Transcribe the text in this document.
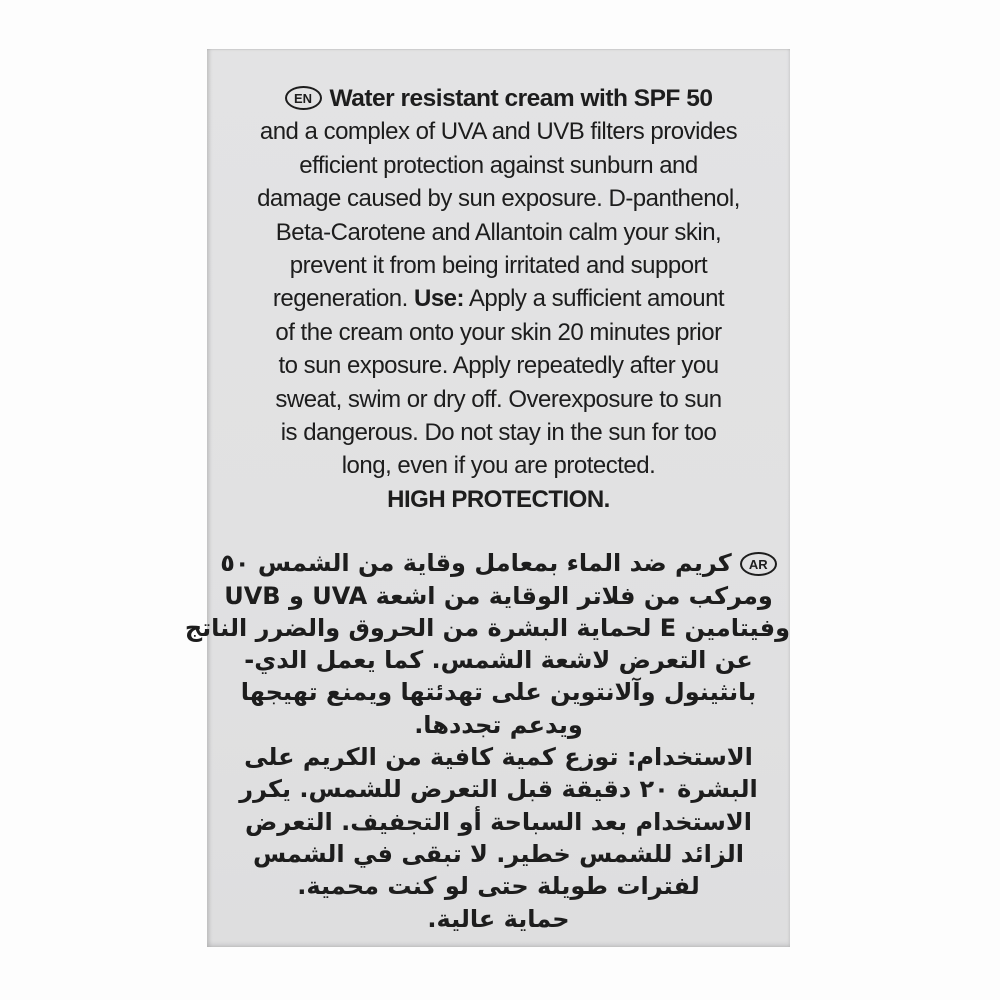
EN Water resistant cream with SPF 50
and a complex of UVA and UVB filters provides
efficient protection against sunburn and
damage caused by sun exposure. D-panthenol,
Beta-Carotene and Allantoin calm your skin,
prevent it from being irritated and support
regeneration. Use: Apply a sufficient amount
of the cream onto your skin 20 minutes prior
to sun exposure. Apply repeatedly after you
sweat, swim or dry off. Overexposure to sun
is dangerous. Do not stay in the sun for too
long, even if you are protected.
HIGH PROTECTION.
ARكريم ضد الماء بمعامل وقاية من الشمس ٥٠
ومركب من فلاتر الوقاية من اشعة UVA و UVB
وفيتامين E لحماية البشرة من الحروق والضرر الناتج
عن التعرض لاشعة الشمس. كما يعمل الدي-
بانثينول وآلانتوين على تهدئتها ويمنع تهيجها
ويدعم تجددها.
الاستخدام: توزع كمية كافية من الكريم على
البشرة ٢٠ دقيقة قبل التعرض للشمس. يكرر
الاستخدام بعد السباحة أو التجفيف. التعرض
الزائد للشمس خطير. لا تبقى في الشمس
لفترات طويلة حتى لو كنت محمية.
حماية عالية.
